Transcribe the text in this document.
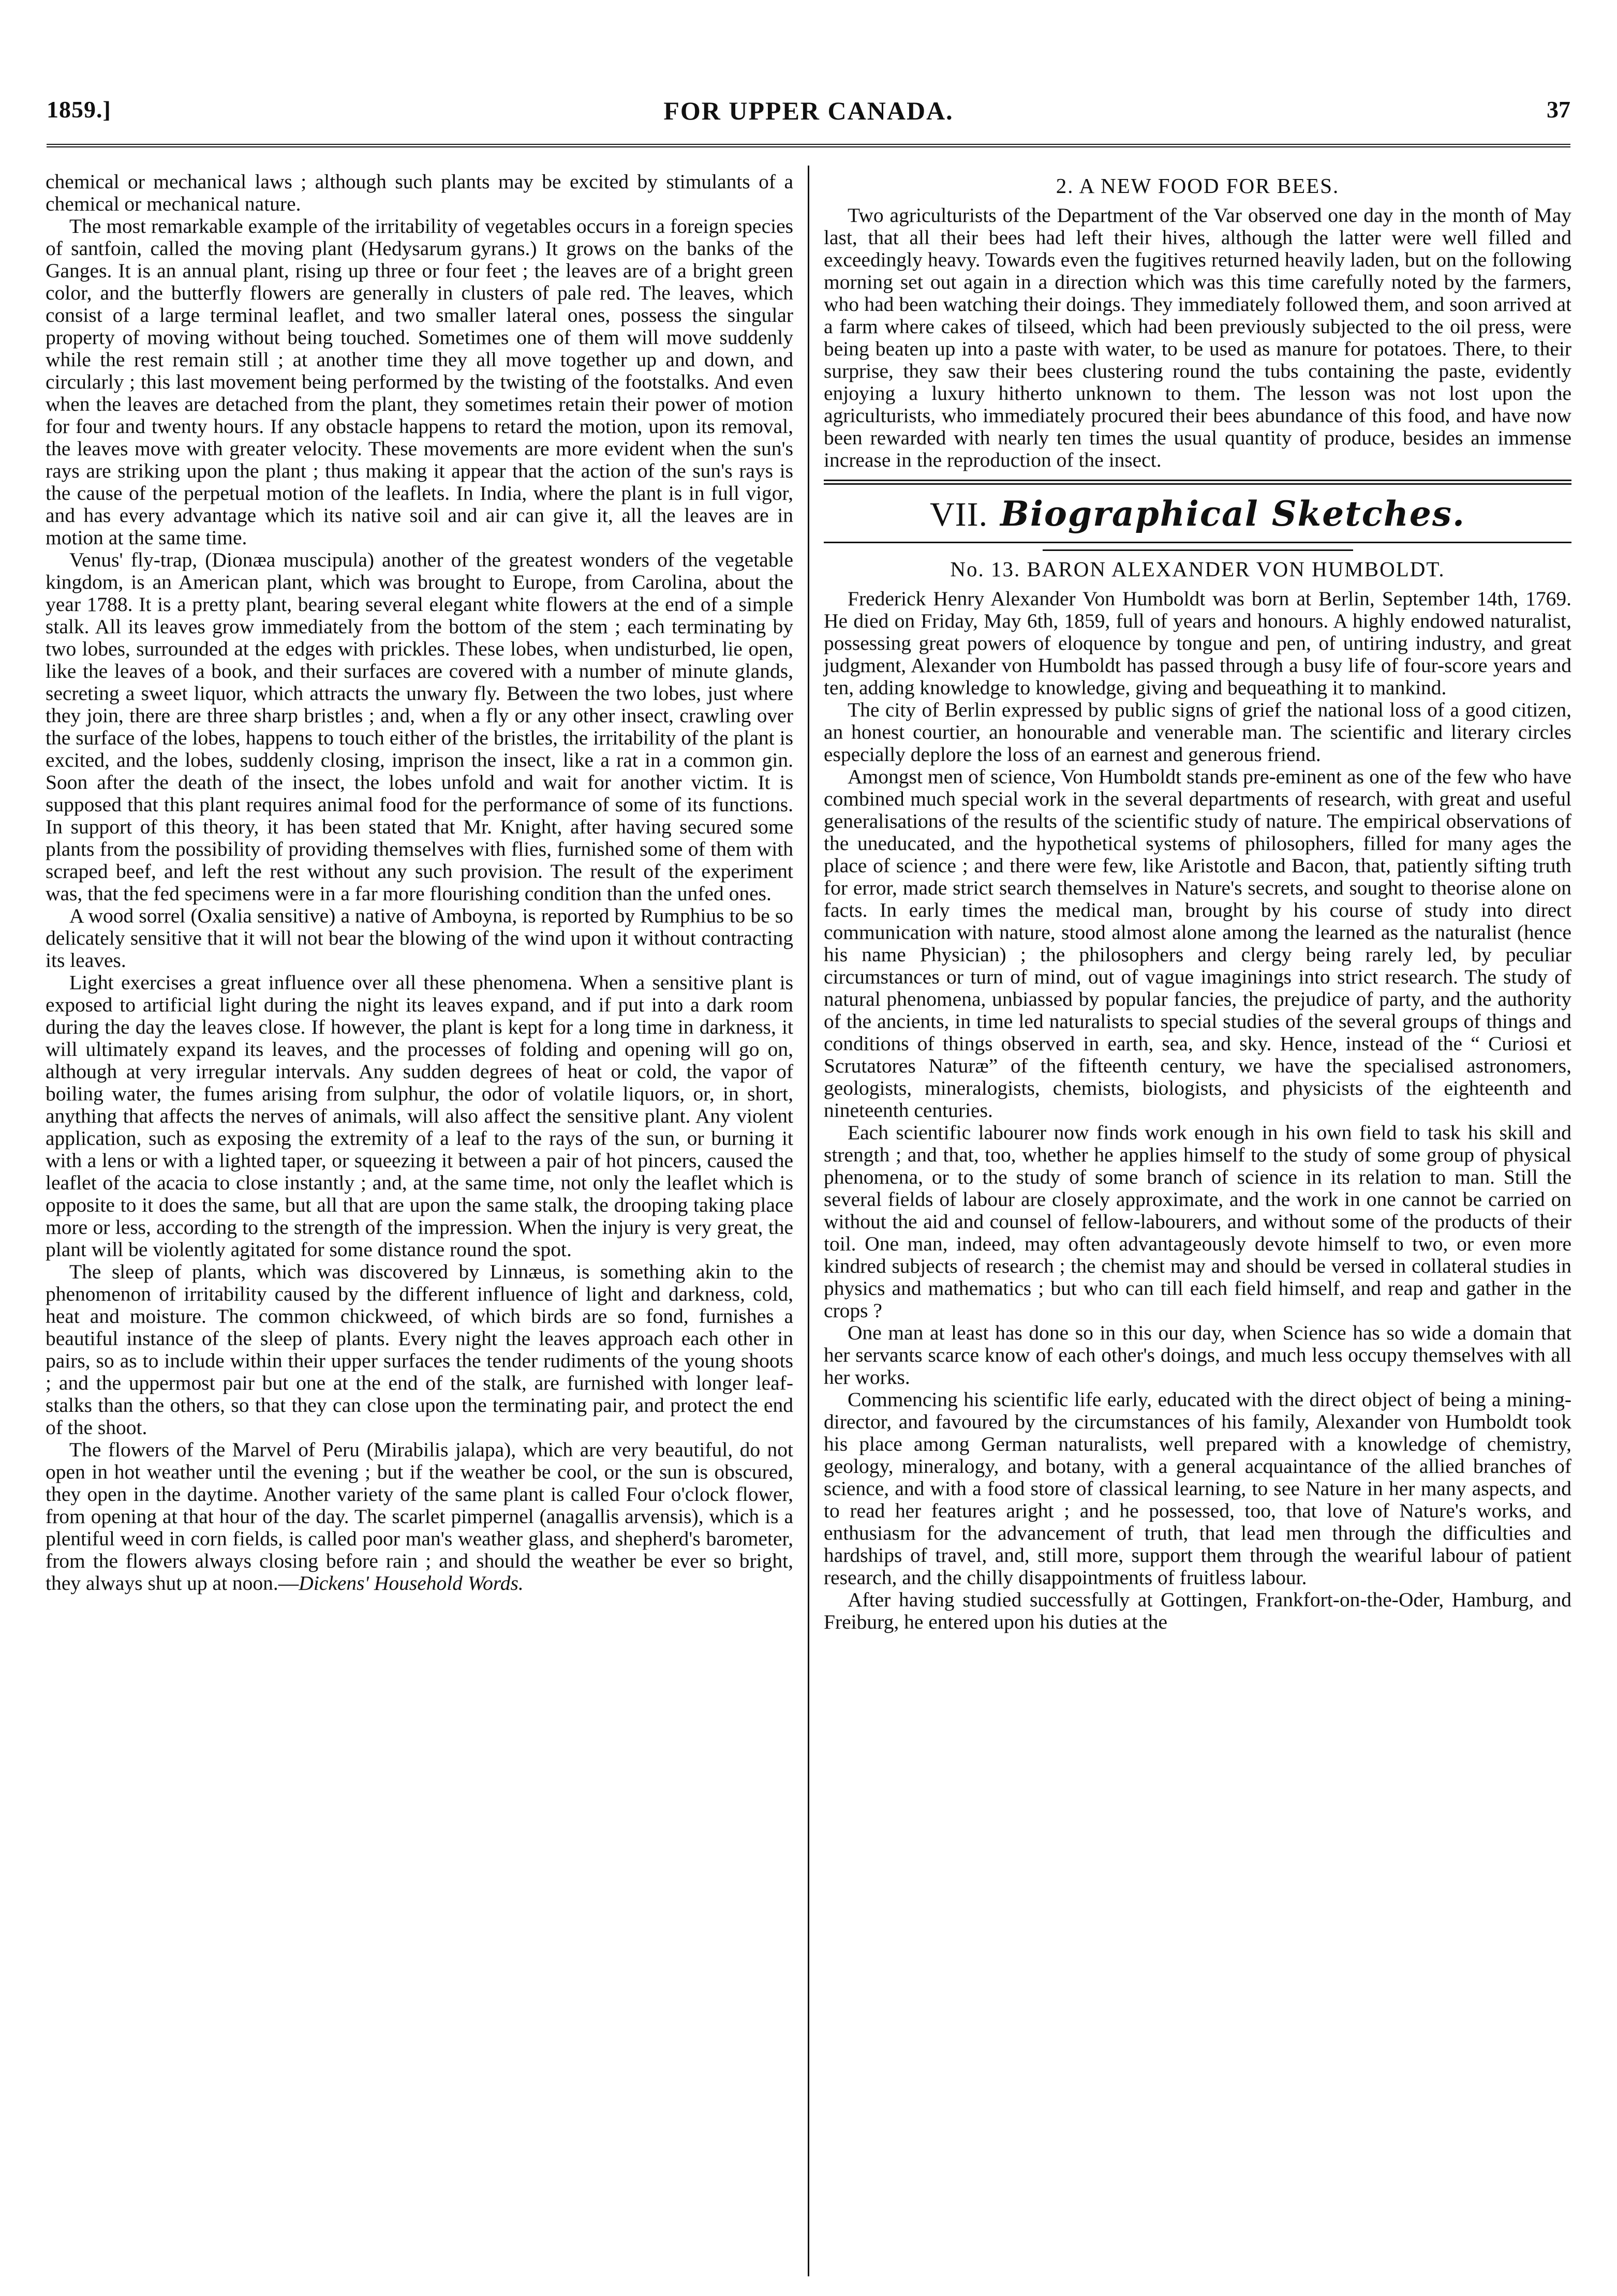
1859.]	FOR UPPER CANADA.	37

chemical or mechanical laws ; although such plants may be excited by stimulants of a chemical or mechanical nature.

The most remarkable example of the irritability of vegetables occurs in a foreign species of santfoin, called the moving plant (Hedysarum gyrans.) It grows on the banks of the Ganges. It is an annual plant, rising up three or four feet ; the leaves are of a bright green color, and the butterfly flowers are generally in clusters of pale red. The leaves, which consist of a large terminal leaflet, and two smaller lateral ones, possess the singular property of moving without being touched. Sometimes one of them will move suddenly while the rest remain still ; at another time they all move together up and down, and circularly ; this last movement being performed by the twisting of the footstalks. And even when the leaves are detached from the plant, they sometimes retain their power of motion for four and twenty hours. If any obstacle happens to retard the motion, upon its removal, the leaves move with greater velocity. These movements are more evident when the sun's rays are striking upon the plant ; thus making it appear that the action of the sun's rays is the cause of the perpetual motion of the leaflets. In India, where the plant is in full vigor, and has every advantage which its native soil and air can give it, all the leaves are in motion at the same time.

Venus' fly-trap, (Dionæa muscipula) another of the greatest wonders of the vegetable kingdom, is an American plant, which was brought to Europe, from Carolina, about the year 1788. It is a pretty plant, bearing several elegant white flowers at the end of a simple stalk. All its leaves grow immediately from the bottom of the stem ; each terminating by two lobes, surrounded at the edges with prickles. These lobes, when undisturbed, lie open, like the leaves of a book, and their surfaces are covered with a number of minute glands, secreting a sweet liquor, which attracts the unwary fly. Between the two lobes, just where they join, there are three sharp bristles ; and, when a fly or any other insect, crawling over the surface of the lobes, happens to touch either of the bristles, the irritability of the plant is excited, and the lobes, suddenly closing, imprison the insect, like a rat in a common gin. Soon after the death of the insect, the lobes unfold and wait for another victim. It is supposed that this plant requires animal food for the performance of some of its functions. In support of this theory, it has been stated that Mr. Knight, after having secured some plants from the possibility of providing themselves with flies, furnished some of them with scraped beef, and left the rest without any such provision. The result of the experiment was, that the fed specimens were in a far more flourishing condition than the unfed ones.

A wood sorrel (Oxalia sensitive) a native of Amboyna, is reported by Rumphius to be so delicately sensitive that it will not bear the blowing of the wind upon it without contracting its leaves.

Light exercises a great influence over all these phenomena. When a sensitive plant is exposed to artificial light during the night its leaves expand, and if put into a dark room during the day the leaves close. If however, the plant is kept for a long time in darkness, it will ultimately expand its leaves, and the processes of folding and opening will go on, although at very irregular intervals. Any sudden degrees of heat or cold, the vapor of boiling water, the fumes arising from sulphur, the odor of volatile liquors, or, in short, anything that affects the nerves of animals, will also affect the sensitive plant. Any violent application, such as exposing the extremity of a leaf to the rays of the sun, or burning it with a lens or with a lighted taper, or squeezing it between a pair of hot pincers, caused the leaflet of the acacia to close instantly ; and, at the same time, not only the leaflet which is opposite to it does the same, but all that are upon the same stalk, the drooping taking place more or less, according to the strength of the impression. When the injury is very great, the plant will be violently agitated for some distance round the spot.

The sleep of plants, which was discovered by Linnæus, is something akin to the phenomenon of irritability caused by the different influence of light and darkness, cold, heat and moisture. The common chickweed, of which birds are so fond, furnishes a beautiful instance of the sleep of plants. Every night the leaves approach each other in pairs, so as to include within their upper surfaces the tender rudiments of the young shoots ; and the uppermost pair but one at the end of the stalk, are furnished with longer leaf-stalks than the others, so that they can close upon the terminating pair, and protect the end of the shoot.

The flowers of the Marvel of Peru (Mirabilis jalapa), which are very beautiful, do not open in hot weather until the evening ; but if the weather be cool, or the sun is obscured, they open in the daytime. Another variety of the same plant is called Four o'clock flower, from opening at that hour of the day. The scarlet pimpernel (anagallis arvensis), which is a plentiful weed in corn fields, is called poor man's weather glass, and shepherd's barometer, from the flowers always closing before rain ; and should the weather be ever so bright, they always shut up at noon.—Dickens' Household Words.

2. A NEW FOOD FOR BEES.

Two agriculturists of the Department of the Var observed one day in the month of May last, that all their bees had left their hives, although the latter were well filled and exceedingly heavy. Towards even the fugitives returned heavily laden, but on the following morning set out again in a direction which was this time carefully noted by the farmers, who had been watching their doings. They immediately followed them, and soon arrived at a farm where cakes of tilseed, which had been previously subjected to the oil press, were being beaten up into a paste with water, to be used as manure for potatoes. There, to their surprise, they saw their bees clustering round the tubs containing the paste, evidently enjoying a luxury hitherto unknown to them. The lesson was not lost upon the agriculturists, who immediately procured their bees abundance of this food, and have now been rewarded with nearly ten times the usual quantity of produce, besides an immense increase in the reproduction of the insect.

VII. Biographical Sketches.
No. 13. BARON ALEXANDER VON HUMBOLDT.

Frederick Henry Alexander Von Humboldt was born at Berlin, September 14th, 1769. He died on Friday, May 6th, 1859, full of years and honours. A highly endowed naturalist, possessing great powers of eloquence by tongue and pen, of untiring industry, and great judgment, Alexander von Humboldt has passed through a busy life of four-score years and ten, adding knowledge to knowledge, giving and bequeathing it to mankind.

The city of Berlin expressed by public signs of grief the national loss of a good citizen, an honest courtier, an honourable and venerable man. The scientific and literary circles especially deplore the loss of an earnest and generous friend.

Amongst men of science, Von Humboldt stands pre-eminent as one of the few who have combined much special work in the several departments of research, with great and useful generalisations of the results of the scientific study of nature. The empirical observations of the uneducated, and the hypothetical systems of philosophers, filled for many ages the place of science ; and there were few, like Aristotle and Bacon, that, patiently sifting truth for error, made strict search themselves in Nature's secrets, and sought to theorise alone on facts. In early times the medical man, brought by his course of study into direct communication with nature, stood almost alone among the learned as the naturalist (hence his name Physician) ; the philosophers and clergy being rarely led, by peculiar circumstances or turn of mind, out of vague imaginings into strict research. The study of natural phenomena, unbiassed by popular fancies, the prejudice of party, and the authority of the ancients, in time led naturalists to special studies of the several groups of things and conditions of things observed in earth, sea, and sky. Hence, instead of the “ Curiosi et Scrutatores Naturæ” of the fifteenth century, we have the specialised astronomers, geologists, mineralogists, chemists, biologists, and physicists of the eighteenth and nineteenth centuries.

Each scientific labourer now finds work enough in his own field to task his skill and strength ; and that, too, whether he applies himself to the study of some group of physical phenomena, or to the study of some branch of science in its relation to man. Still the several fields of labour are closely approximate, and the work in one cannot be carried on without the aid and counsel of fellow-labourers, and without some of the products of their toil. One man, indeed, may often advantageously devote himself to two, or even more kindred subjects of research ; the chemist may and should be versed in collateral studies in physics and mathematics ; but who can till each field himself, and reap and gather in the crops ?

One man at least has done so in this our day, when Science has so wide a domain that her servants scarce know of each other's doings, and much less occupy themselves with all her works.

Commencing his scientific life early, educated with the direct object of being a mining-director, and favoured by the circumstances of his family, Alexander von Humboldt took his place among German naturalists, well prepared with a knowledge of chemistry, geology, mineralogy, and botany, with a general acquaintance of the allied branches of science, and with a food store of classical learning, to see Nature in her many aspects, and to read her features aright ; and he possessed, too, that love of Nature's works, and enthusiasm for the advancement of truth, that lead men through the difficulties and hardships of travel, and, still more, support them through the weariful labour of patient research, and the chilly disappointments of fruitless labour.

After having studied successfully at Gottingen, Frankfort-on-the-Oder, Hamburg, and Freiburg, he entered upon his duties at the
